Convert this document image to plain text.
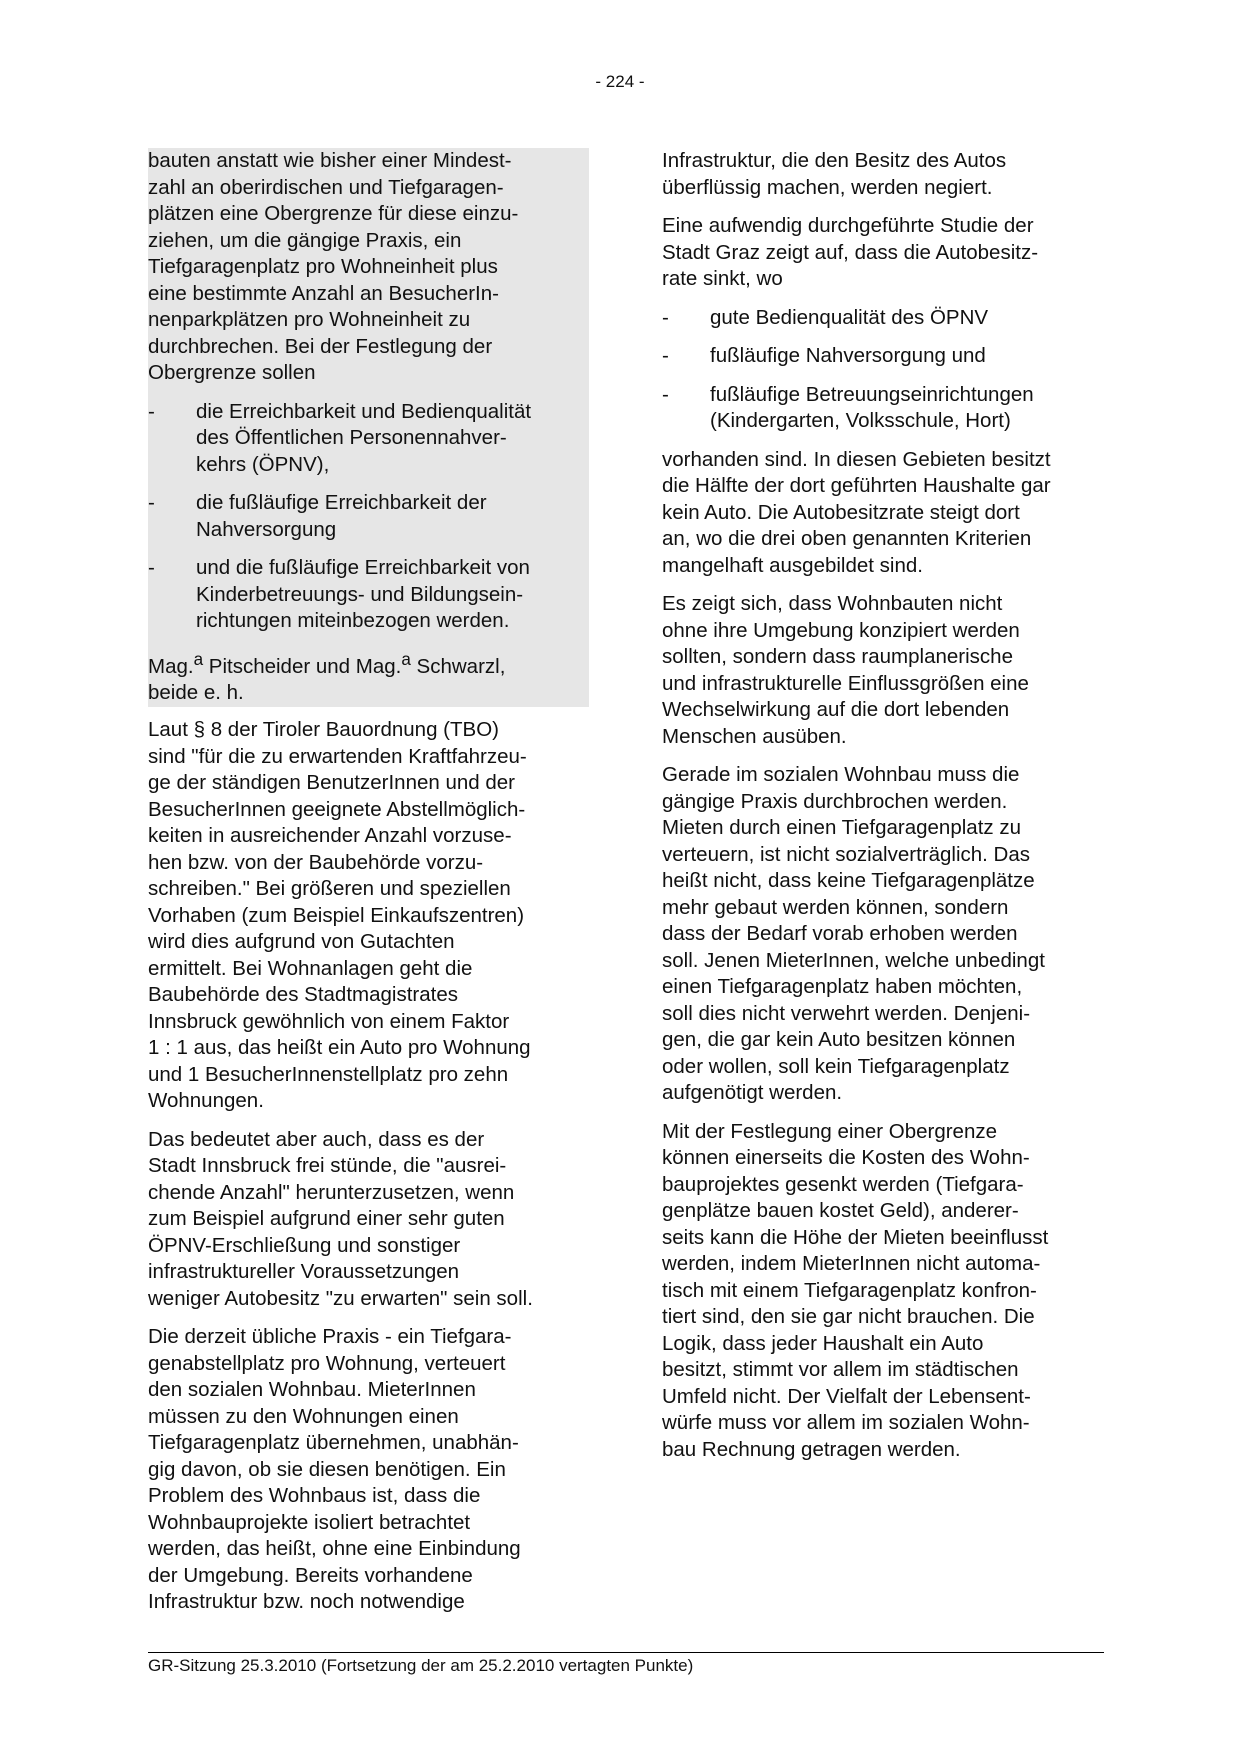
- 224 -

bauten anstatt wie bisher einer Mindest-
zahl an oberirdischen und Tiefgaragen-
plätzen eine Obergrenze für diese einzu-
ziehen, um die gängige Praxis, ein
Tiefgaragenplatz pro Wohneinheit plus
eine bestimmte Anzahl an BesucherIn-
nenparkplätzen pro Wohneinheit zu
durchbrechen. Bei der Festlegung der
Obergrenze sollen

-	die Erreichbarkeit und Bedienqualität
des Öffentlichen Personennahver-
kehrs (ÖPNV),
-	die fußläufige Erreichbarkeit der
Nahversorgung
-	und die fußläufige Erreichbarkeit von
Kinderbetreuungs- und Bildungsein-
richtungen miteinbezogen werden.

Mag.$^a$ Pitscheider und Mag.$^a$ Schwarzl,
beide e. h.

Laut § 8 der Tiroler Bauordnung (TBO)
sind "für die zu erwartenden Kraftfahrzeu-
ge der ständigen BenutzerInnen und der
BesucherInnen geeignete Abstellmöglich-
keiten in ausreichender Anzahl vorzuse-
hen bzw. von der Baubehörde vorzu-
schreiben." Bei größeren und speziellen
Vorhaben (zum Beispiel Einkaufszentren)
wird dies aufgrund von Gutachten
ermittelt. Bei Wohnanlagen geht die
Baubehörde des Stadtmagistrates
Innsbruck gewöhnlich von einem Faktor
1 : 1 aus, das heißt ein Auto pro Wohnung
und 1 BesucherInnenstellplatz pro zehn
Wohnungen.

Das bedeutet aber auch, dass es der
Stadt Innsbruck frei stünde, die "ausrei-
chende Anzahl" herunterzusetzen, wenn
zum Beispiel aufgrund einer sehr guten
ÖPNV-Erschließung und sonstiger
infrastruktureller Voraussetzungen
weniger Autobesitz "zu erwarten" sein soll.

Die derzeit übliche Praxis - ein Tiefgara-
genabstellplatz pro Wohnung, verteuert
den sozialen Wohnbau. MieterInnen
müssen zu den Wohnungen einen
Tiefgaragenplatz übernehmen, unabhän-
gig davon, ob sie diesen benötigen. Ein
Problem des Wohnbaus ist, dass die
Wohnbauprojekte isoliert betrachtet
werden, das heißt, ohne eine Einbindung
der Umgebung. Bereits vorhandene
Infrastruktur bzw. noch notwendige

Infrastruktur, die den Besitz des Autos
überflüssig machen, werden negiert.

Eine aufwendig durchgeführte Studie der
Stadt Graz zeigt auf, dass die Autobesitz-
rate sinkt, wo

-	gute Bedienqualität des ÖPNV
-	fußläufige Nahversorgung und
-	fußläufige Betreuungseinrichtungen
(Kindergarten, Volksschule, Hort)

vorhanden sind. In diesen Gebieten besitzt
die Hälfte der dort geführten Haushalte gar
kein Auto. Die Autobesitzrate steigt dort
an, wo die drei oben genannten Kriterien
mangelhaft ausgebildet sind.

Es zeigt sich, dass Wohnbauten nicht
ohne ihre Umgebung konzipiert werden
sollten, sondern dass raumplanerische
und infrastrukturelle Einflussgrößen eine
Wechselwirkung auf die dort lebenden
Menschen ausüben.

Gerade im sozialen Wohnbau muss die
gängige Praxis durchbrochen werden.
Mieten durch einen Tiefgaragenplatz zu
verteuern, ist nicht sozialverträglich. Das
heißt nicht, dass keine Tiefgaragenplätze
mehr gebaut werden können, sondern
dass der Bedarf vorab erhoben werden
soll. Jenen MieterInnen, welche unbedingt
einen Tiefgaragenplatz haben möchten,
soll dies nicht verwehrt werden. Denjeni-
gen, die gar kein Auto besitzen können
oder wollen, soll kein Tiefgaragenplatz
aufgenötigt werden.

Mit der Festlegung einer Obergrenze
können einerseits die Kosten des Wohn-
bauprojektes gesenkt werden (Tiefgara-
genplätze bauen kostet Geld), anderer-
seits kann die Höhe der Mieten beeinflusst
werden, indem MieterInnen nicht automa-
tisch mit einem Tiefgaragenplatz konfron-
tiert sind, den sie gar nicht brauchen. Die
Logik, dass jeder Haushalt ein Auto
besitzt, stimmt vor allem im städtischen
Umfeld nicht. Der Vielfalt der Lebensent-
würfe muss vor allem im sozialen Wohn-
bau Rechnung getragen werden.

GR-Sitzung 25.3.2010 (Fortsetzung der am 25.2.2010 vertagten Punkte)
